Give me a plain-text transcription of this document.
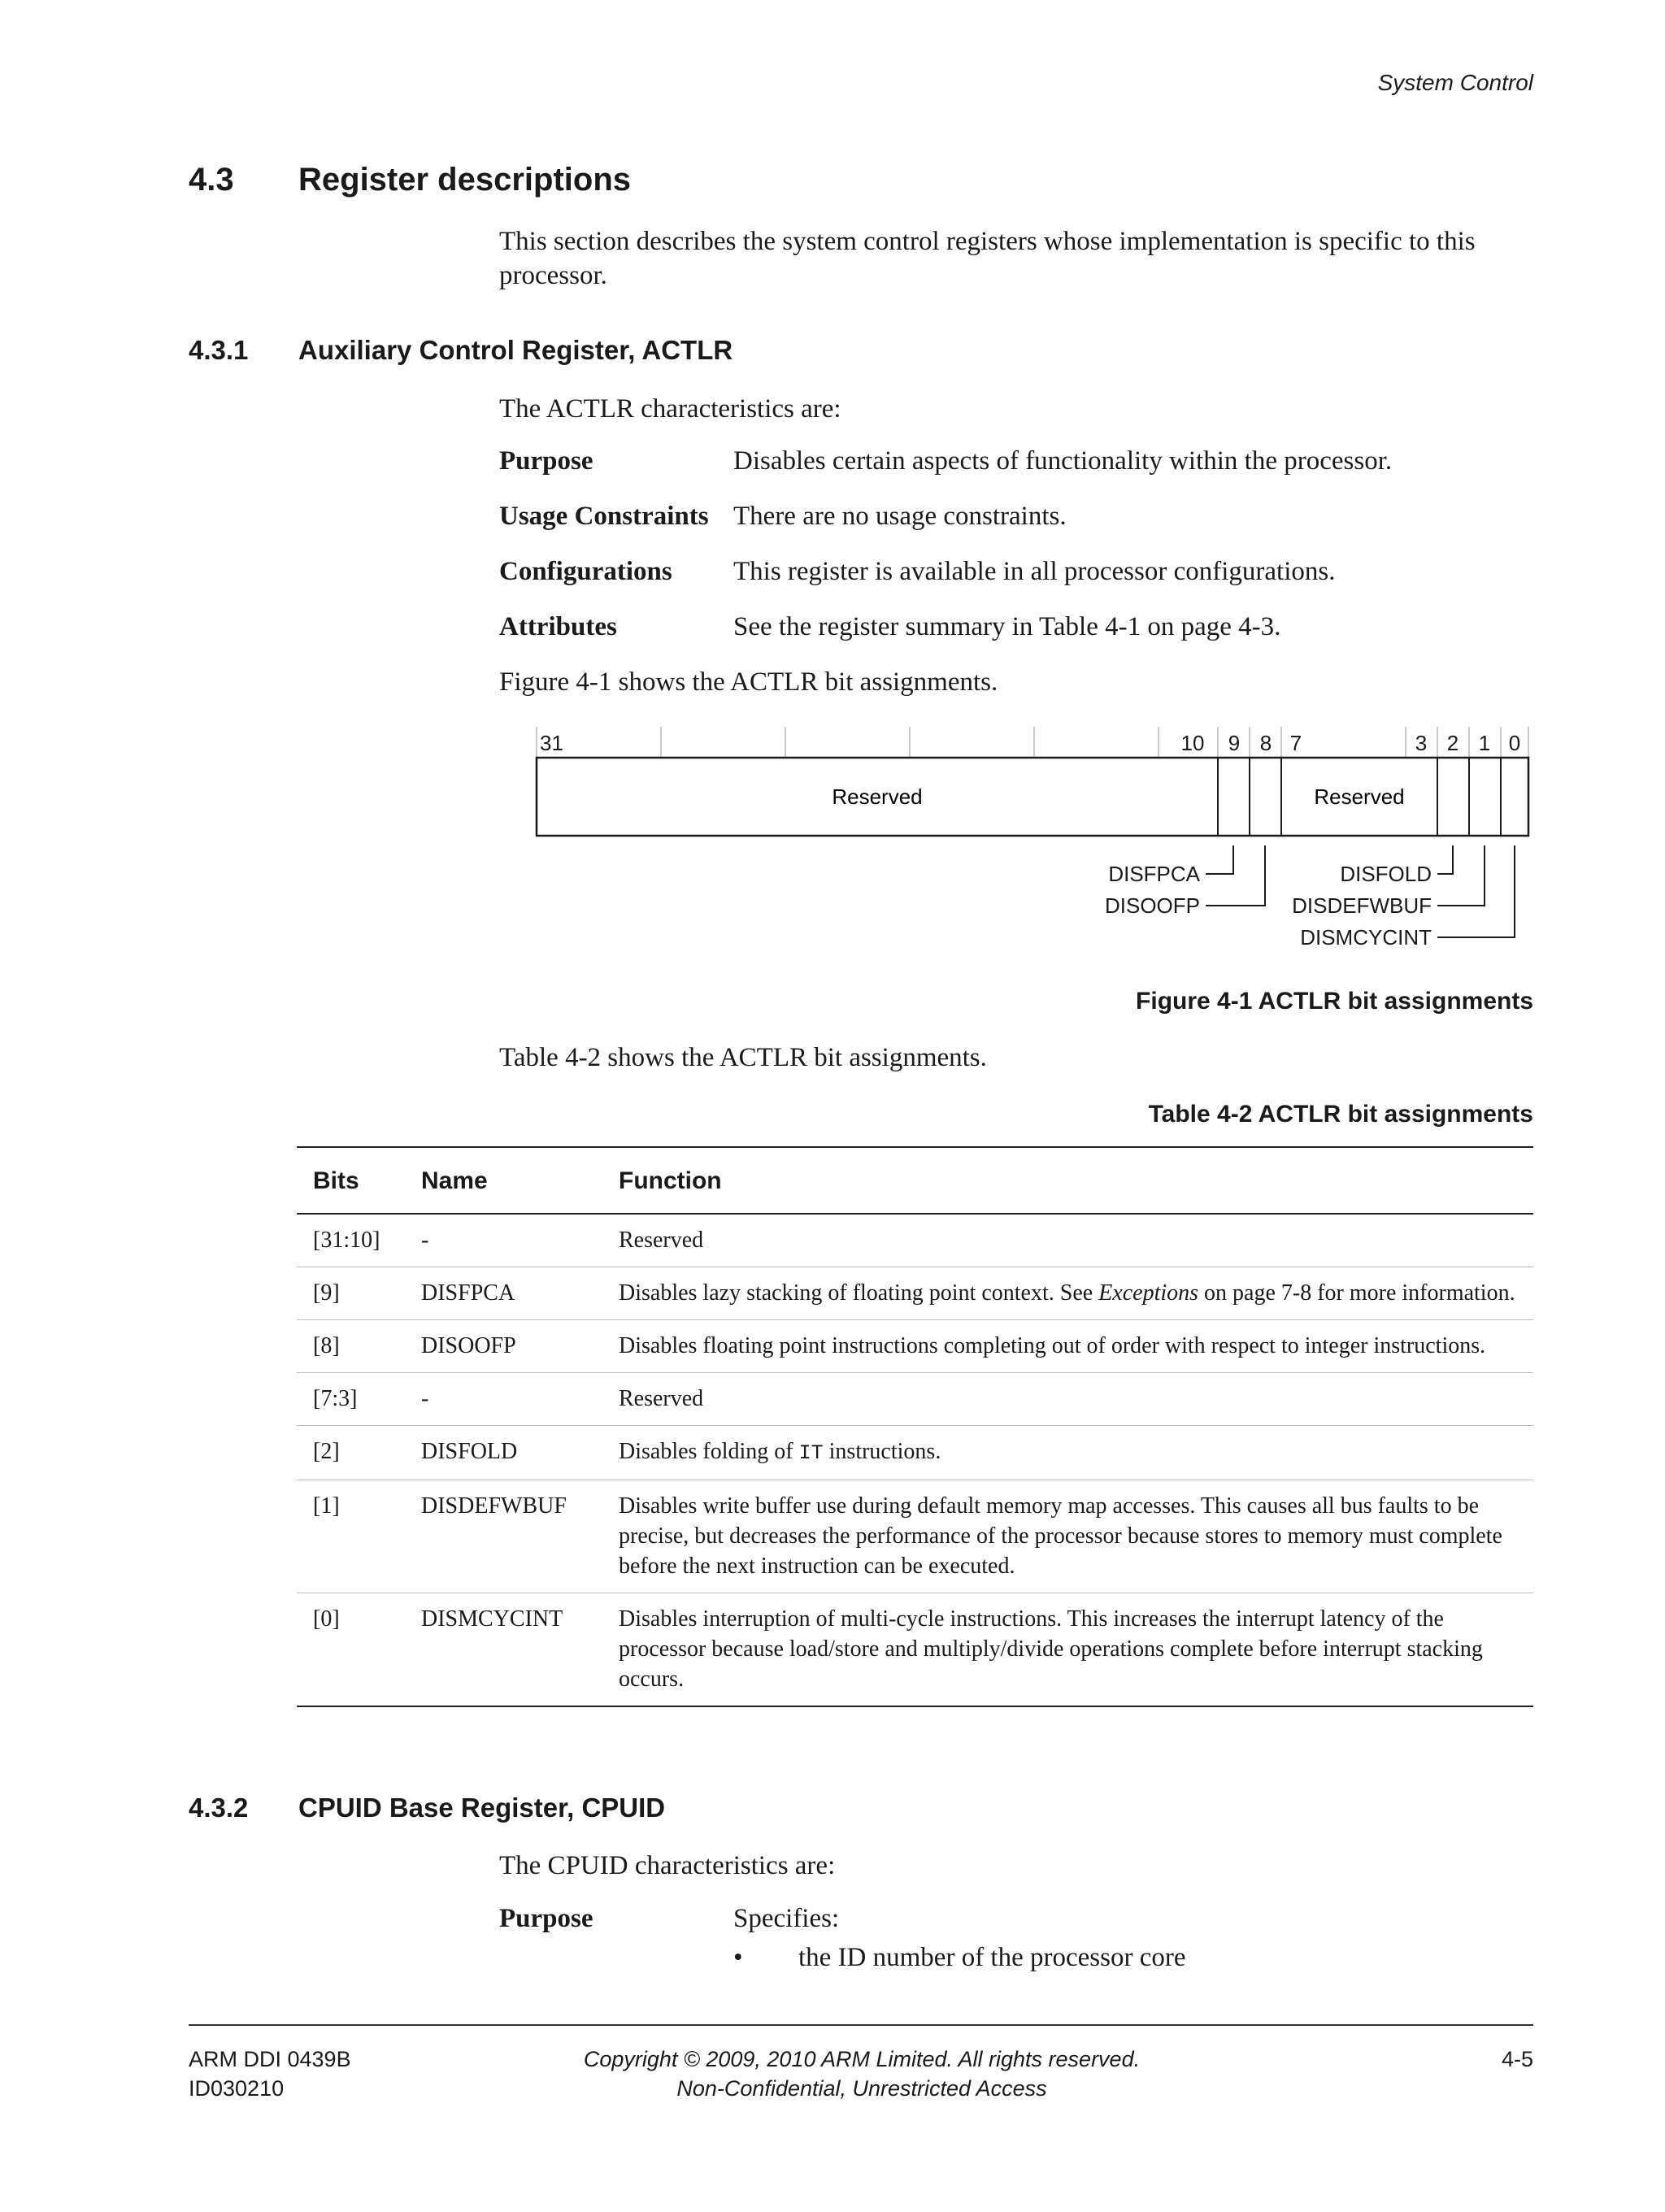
System Control
4.3 Register descriptions
This section describes the system control registers whose implementation is specific to this
processor.
4.3.1 Auxiliary Control Register, ACTLR
The ACTLR characteristics are:
Purpose	Disables certain aspects of functionality within the processor.
Usage Constraints There are no usage constraints.
Configurations	This register is available in all processor configurations.
Attributes	See the register summary in Table 4-1 on page 4-3.
Figure 4-1 shows the ACTLR bit assignments.
31	10 9 8 7	3 2 1 0
Reserved	Reserved
DISFPCA
DISOOFP
DISFOLD
DISDEFWBUF
DISMCYCINT
Figure 4-1 ACTLR bit assignments
Table 4-2 shows the ACTLR bit assignments.
Table 4-2 ACTLR bit assignments
Bits	Name	Function
[31:10]	-	Reserved
[9]	DISFPCA	Disables lazy stacking of floating point context. See Exceptions on page 7-8 for more information.
[8]	DISOOFP	Disables floating point instructions completing out of order with respect to integer instructions.
[7:3]	-	Reserved
[2]	DISFOLD	Disables folding of IT instructions.
[1]	DISDEFWBUF	Disables write buffer use during default memory map accesses. This causes all bus faults to be precise, but decreases the performance of the processor because stores to memory must complete before the next instruction can be executed.
[0]	DISMCYCINT	Disables interruption of multi-cycle instructions. This increases the interrupt latency of the processor because load/store and multiply/divide operations complete before interrupt stacking occurs.
4.3.2 CPUID Base Register, CPUID
The CPUID characteristics are:
Purpose	Specifies:
•	the ID number of the processor core
ARM DDI 0439B
ID030210
Copyright © 2009, 2010 ARM Limited. All rights reserved.
Non-Confidential, Unrestricted Access
4-5
